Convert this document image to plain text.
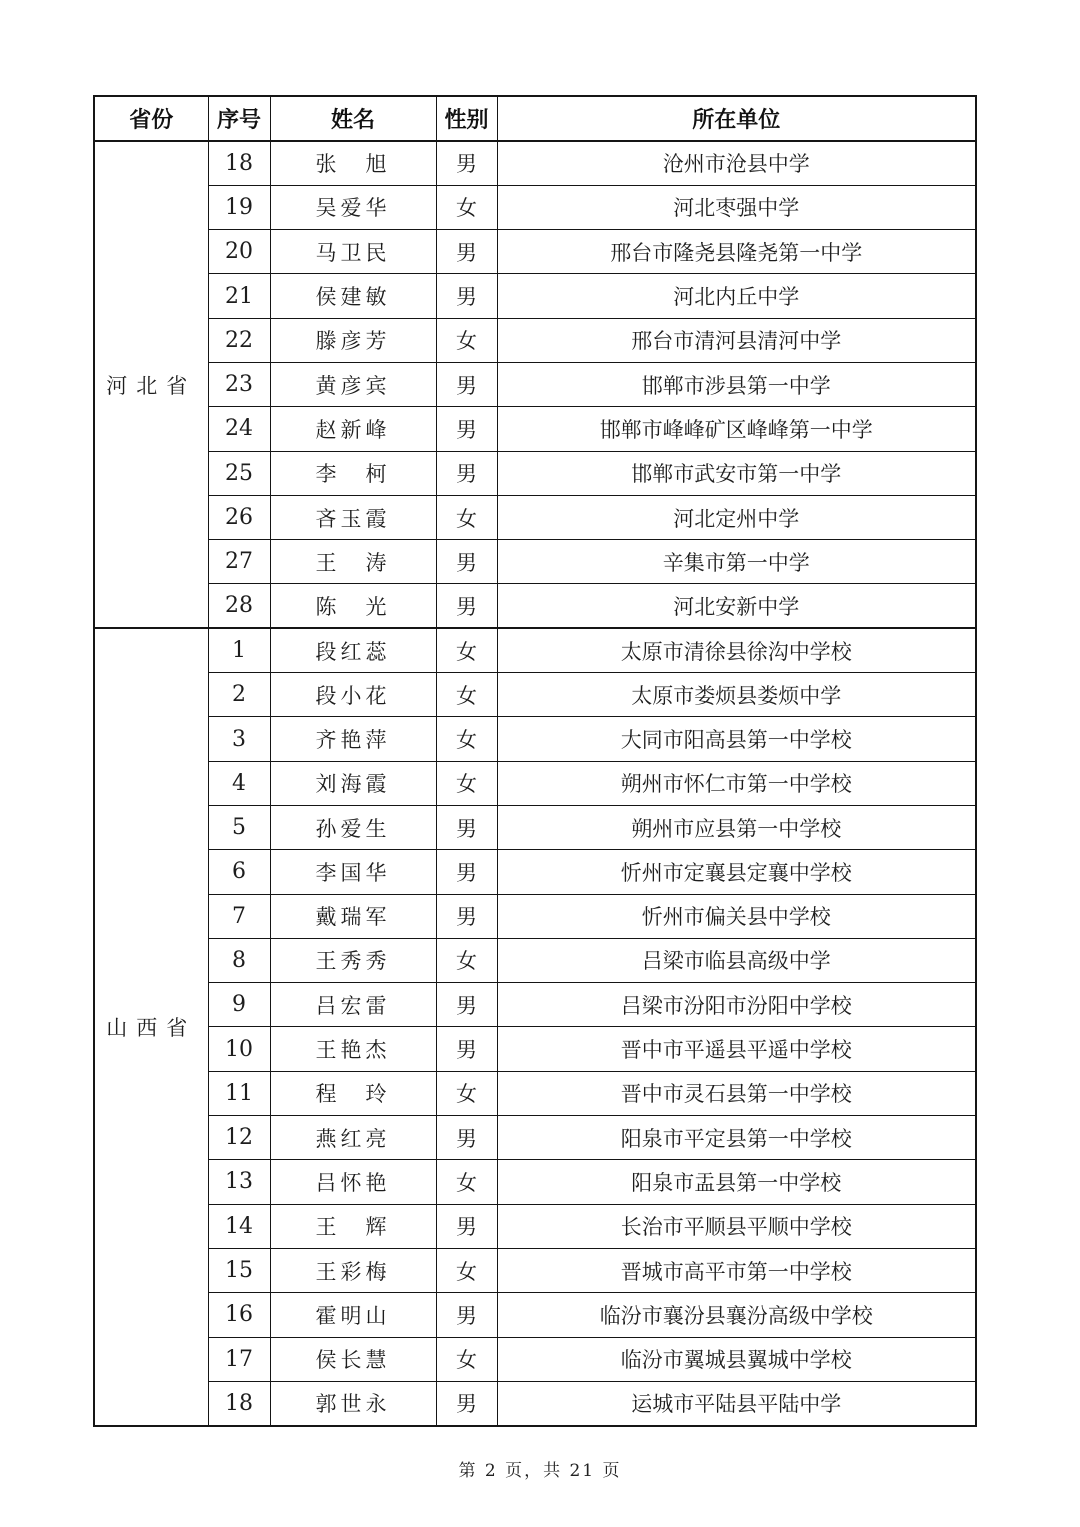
省份	序号	姓名	性别	所在单位
河北省	18	张　旭	男	沧州市沧县中学
	19	吴爱华	女	河北枣强中学
	20	马卫民	男	邢台市隆尧县隆尧第一中学
	21	侯建敏	男	河北内丘中学
	22	滕彦芳	女	邢台市清河县清河中学
	23	黄彦宾	男	邯郸市涉县第一中学
	24	赵新峰	男	邯郸市峰峰矿区峰峰第一中学
	25	李　柯	男	邯郸市武安市第一中学
	26	吝玉霞	女	河北定州中学
	27	王　涛	男	辛集市第一中学
	28	陈　光	男	河北安新中学
山西省	1	段红蕊	女	太原市清徐县徐沟中学校
	2	段小花	女	太原市娄烦县娄烦中学
	3	齐艳萍	女	大同市阳高县第一中学校
	4	刘海霞	女	朔州市怀仁市第一中学校
	5	孙爱生	男	朔州市应县第一中学校
	6	李国华	男	忻州市定襄县定襄中学校
	7	戴瑞军	男	忻州市偏关县中学校
	8	王秀秀	女	吕梁市临县高级中学
	9	吕宏雷	男	吕梁市汾阳市汾阳中学校
	10	王艳杰	男	晋中市平遥县平遥中学校
	11	程　玲	女	晋中市灵石县第一中学校
	12	燕红亮	男	阳泉市平定县第一中学校
	13	吕怀艳	女	阳泉市盂县第一中学校
	14	王　辉	男	长治市平顺县平顺中学校
	15	王彩梅	女	晋城市高平市第一中学校
	16	霍明山	男	临汾市襄汾县襄汾高级中学校
	17	侯长慧	女	临汾市翼城县翼城中学校
	18	郭世永	男	运城市平陆县平陆中学
第 2 页，共 21 页
